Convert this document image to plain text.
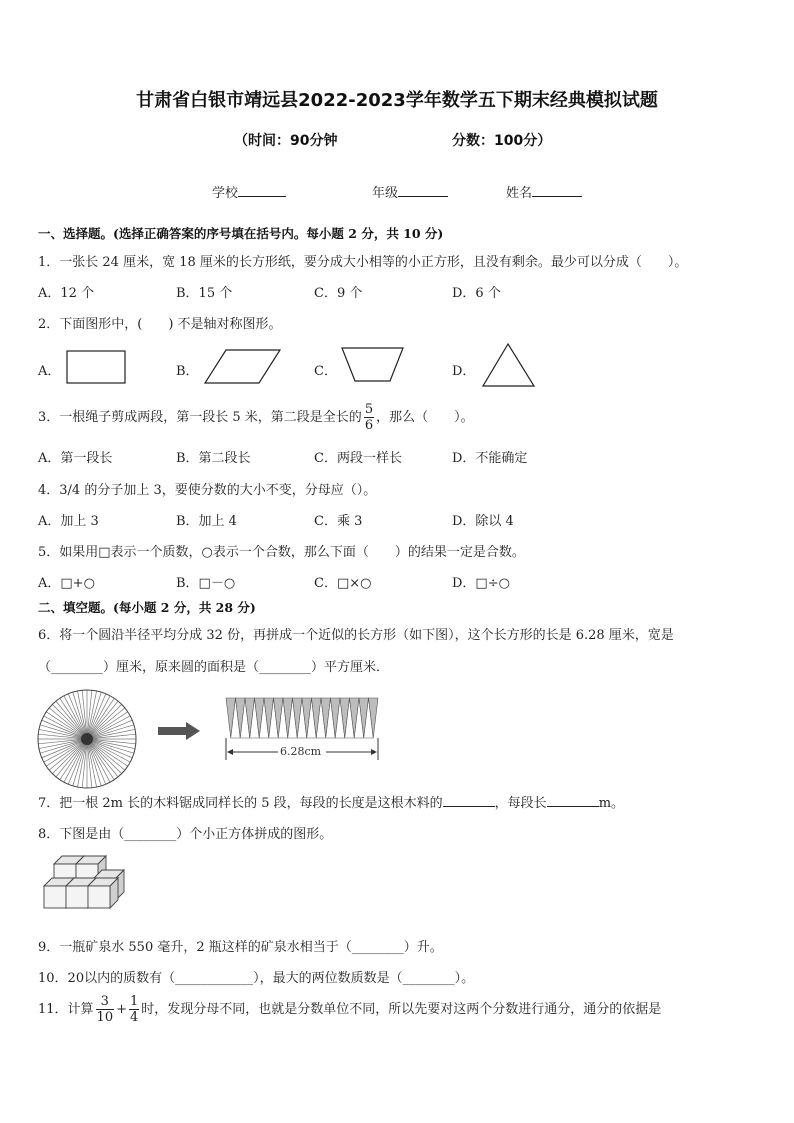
甘肃省白银市靖远县2022-2023学年数学五下期末经典模拟试题
（时间：90分钟	分数：100分）
学校	年级	姓名
一、选择题。(选择正确答案的序号填在括号内。每小题 2 分，共 10 分)
1．一张长 24 厘米，宽 18 厘米的长方形纸，要分成大小相等的小正方形，且没有剩余。最少可以分成（　　）。
A．12 个	B．15 个	C．9 个	D．6 个
2．下面图形中，(　　) 不是轴对称图形。
A．	B．	C．	D．
3．一根绳子剪成两段，第一段长 5 米，第二段是全长的 $\frac{5}{6}$ ，那么（　　）。
A．第一段长	B．第二段长	C．两段一样长	D．不能确定
4．3/4 的分子加上 3，要使分数的大小不变，分母应（）。
A．加上 3	B．加上 4	C．乘 3	D．除以 4
5．如果用□表示一个质数，○表示一个合数，那么下面（　　）的结果一定是合数。
A．□+○	B．□－○	C．□×○	D．□÷○
二、填空题。(每小题 2 分，共 28 分)
6．将一个圆沿半径平均分成 32 份，再拼成一个近似的长方形（如下图），这个长方形的长是 6.28 厘米，宽是
（________）厘米，原来圆的面积是（________）平方厘米．
6.28cm
7．把一根 2m 长的木料锯成同样长的 5 段，每段的长度是这根木料的	，每段长	m。
8．下图是由（________）个小正方体拼成的图形。
9．一瓶矿泉水 550 毫升，2 瓶这样的矿泉水相当于（________）升。
10．20以内的质数有（____________），最大的两位数质数是（________）。
11．计算 $\frac{3}{10} + \frac{1}{4}$ 时，发现分母不同，也就是分数单位不同，所以先要对这两个分数进行通分，通分的依据是
